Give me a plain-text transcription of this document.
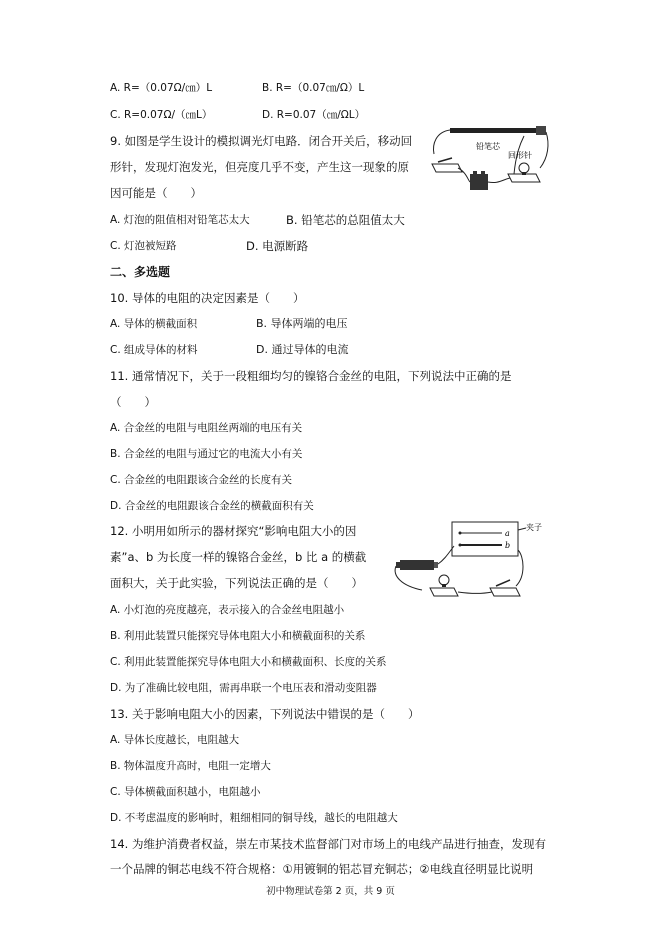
A. R=（0.07Ω/㎝）L	B. R=（0.07㎝/Ω）L
C. R=0.07Ω/（㎝L）	D. R=0.07（㎝/ΩL）
9. 如图是学生设计的模拟调光灯电路．闭合开关后，移动回
形针，发现灯泡发光，但亮度几乎不变，产生这一现象的原
因可能是（　　）
A. 灯泡的阻值相对铅笔芯太大	B. 铅笔芯的总阻值太大
C. 灯泡被短路	D. 电源断路
铅笔芯
回形针
二、多选题
10. 导体的电阻的决定因素是（　　）
A. 导体的横截面积	B. 导体两端的电压
C. 组成导体的材料	D. 通过导体的电流
11. 通常情况下，关于一段粗细均匀的镍铬合金丝的电阻，下列说法中正确的是
（　　）
A. 合金丝的电阻与电阻丝两端的电压有关
B. 合金丝的电阻与通过它的电流大小有关
C. 合金丝的电阻跟该合金丝的长度有关
D. 合金丝的电阻跟该合金丝的横截面积有关
12. 小明用如所示的器材探究“影响电阻大小的因
素”a、b 为长度一样的镍铬合金丝，b 比 a 的横截
面积大，关于此实验，下列说法正确的是（　　）
A. 小灯泡的亮度越亮，表示接入的合金丝电阻越小
B. 利用此装置只能探究导体电阻大小和横截面积的关系
C. 利用此装置能探究导体电阻大小和横截面积、长度的关系
D. 为了准确比较电阻，需再串联一个电压表和滑动变阻器
a
b
夹子
13. 关于影响电阻大小的因素，下列说法中错误的是（　　）
A. 导体长度越长，电阻越大
B. 物体温度升高时，电阻一定增大
C. 导体横截面积越小，电阻越小
D. 不考虑温度的影响时，粗细相同的铜导线，越长的电阻越大
14. 为维护消费者权益，崇左市某技术监督部门对市场上的电线产品进行抽查，发现有
一个品牌的铜芯电线不符合规格：①用镀铜的铝芯冒充铜芯；②电线直径明显比说明
初中物理试卷第 2 页，共 9 页
